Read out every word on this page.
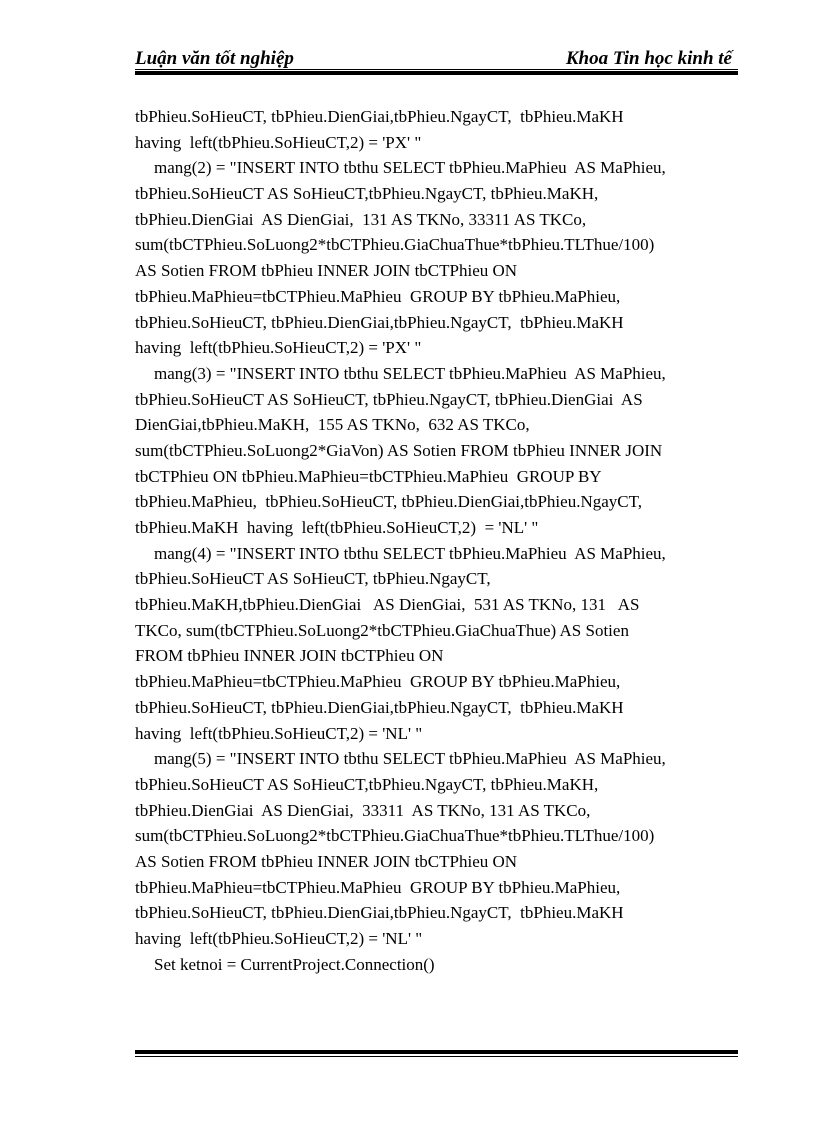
Luận văn tốt nghiệp	Khoa Tin học kinh tế
tbPhieu.SoHieuCT, tbPhieu.DienGiai,tbPhieu.NgayCT,  tbPhieu.MaKH
having  left(tbPhieu.SoHieuCT,2) = 'PX' "
mang(2) = "INSERT INTO tbthu SELECT tbPhieu.MaPhieu  AS MaPhieu,
tbPhieu.SoHieuCT AS SoHieuCT,tbPhieu.NgayCT, tbPhieu.MaKH,
tbPhieu.DienGiai  AS DienGiai,  131 AS TKNo, 33311 AS TKCo,
sum(tbCTPhieu.SoLuong2*tbCTPhieu.GiaChuaThue*tbPhieu.TLThue/100)
AS Sotien FROM tbPhieu INNER JOIN tbCTPhieu ON
tbPhieu.MaPhieu=tbCTPhieu.MaPhieu  GROUP BY tbPhieu.MaPhieu,
tbPhieu.SoHieuCT, tbPhieu.DienGiai,tbPhieu.NgayCT,  tbPhieu.MaKH
having  left(tbPhieu.SoHieuCT,2) = 'PX' "
mang(3) = "INSERT INTO tbthu SELECT tbPhieu.MaPhieu  AS MaPhieu,
tbPhieu.SoHieuCT AS SoHieuCT, tbPhieu.NgayCT, tbPhieu.DienGiai  AS
DienGiai,tbPhieu.MaKH,  155 AS TKNo,  632 AS TKCo,
sum(tbCTPhieu.SoLuong2*GiaVon) AS Sotien FROM tbPhieu INNER JOIN
tbCTPhieu ON tbPhieu.MaPhieu=tbCTPhieu.MaPhieu  GROUP BY
tbPhieu.MaPhieu,  tbPhieu.SoHieuCT, tbPhieu.DienGiai,tbPhieu.NgayCT,
tbPhieu.MaKH  having  left(tbPhieu.SoHieuCT,2)  = 'NL' "
mang(4) = "INSERT INTO tbthu SELECT tbPhieu.MaPhieu  AS MaPhieu,
tbPhieu.SoHieuCT AS SoHieuCT, tbPhieu.NgayCT,
tbPhieu.MaKH,tbPhieu.DienGiai   AS DienGiai,  531 AS TKNo, 131   AS
TKCo, sum(tbCTPhieu.SoLuong2*tbCTPhieu.GiaChuaThue) AS Sotien
FROM tbPhieu INNER JOIN tbCTPhieu ON
tbPhieu.MaPhieu=tbCTPhieu.MaPhieu  GROUP BY tbPhieu.MaPhieu,
tbPhieu.SoHieuCT, tbPhieu.DienGiai,tbPhieu.NgayCT,  tbPhieu.MaKH
having  left(tbPhieu.SoHieuCT,2) = 'NL' "
mang(5) = "INSERT INTO tbthu SELECT tbPhieu.MaPhieu  AS MaPhieu,
tbPhieu.SoHieuCT AS SoHieuCT,tbPhieu.NgayCT, tbPhieu.MaKH,
tbPhieu.DienGiai  AS DienGiai,  33311  AS TKNo, 131 AS TKCo,
sum(tbCTPhieu.SoLuong2*tbCTPhieu.GiaChuaThue*tbPhieu.TLThue/100)
AS Sotien FROM tbPhieu INNER JOIN tbCTPhieu ON
tbPhieu.MaPhieu=tbCTPhieu.MaPhieu  GROUP BY tbPhieu.MaPhieu,
tbPhieu.SoHieuCT, tbPhieu.DienGiai,tbPhieu.NgayCT,  tbPhieu.MaKH
having  left(tbPhieu.SoHieuCT,2) = 'NL' "
Set ketnoi = CurrentProject.Connection()
